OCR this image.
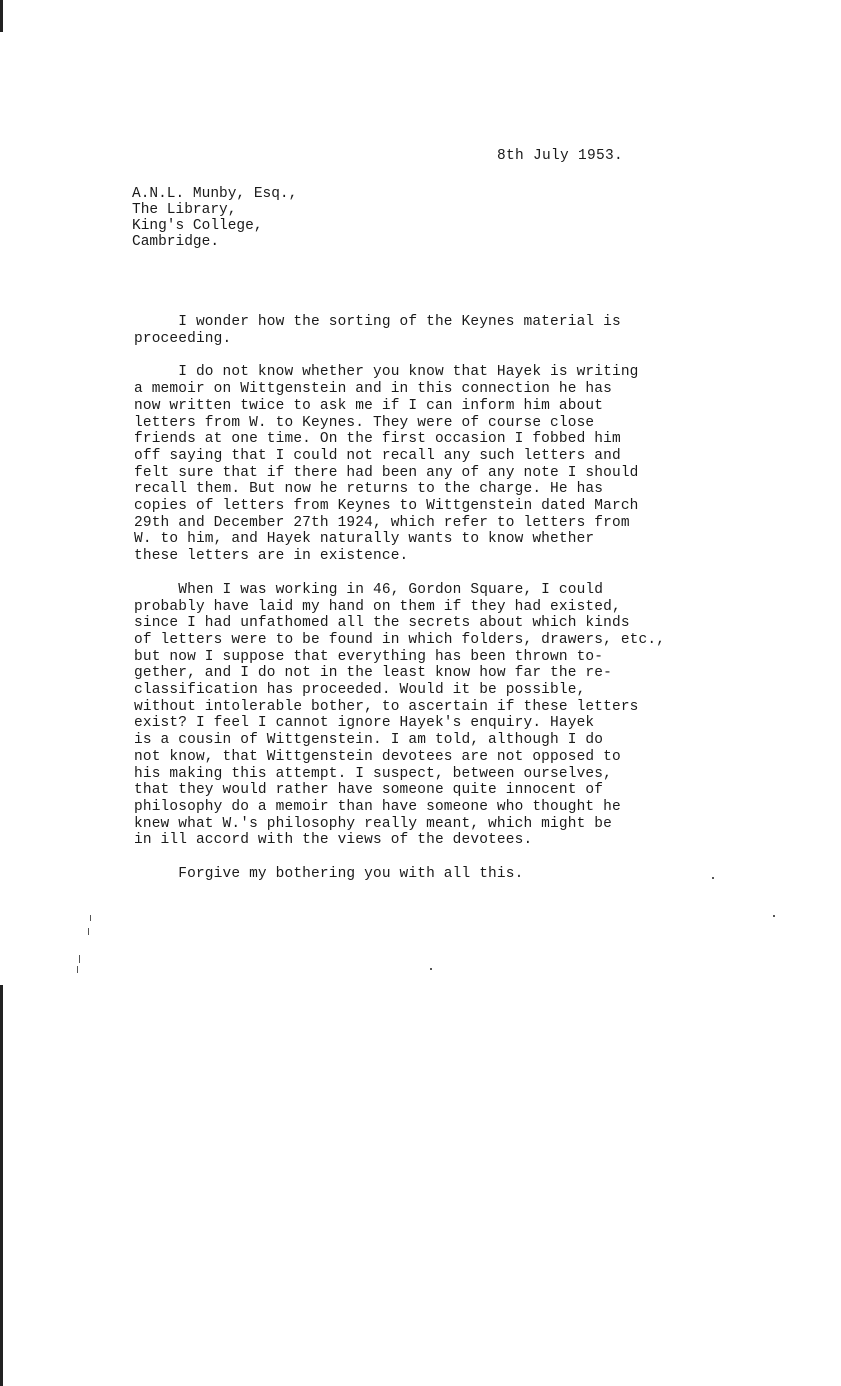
8th July 1953.
A.N.L. Munby, Esq.,
The Library,
King's College,
Cambridge.
I wonder how the sorting of the Keynes material is
proceeding.
I do not know whether you know that Hayek is writing
a memoir on Wittgenstein and in this connection he has
now written twice to ask me if I can inform him about
letters from W. to Keynes. They were of course close
friends at one time. On the first occasion I fobbed him
off saying that I could not recall any such letters and
felt sure that if there had been any of any note I should
recall them. But now he returns to the charge. He has
copies of letters from Keynes to Wittgenstein dated March
29th and December 27th 1924, which refer to letters from
W. to him, and Hayek naturally wants to know whether
these letters are in existence.
When I was working in 46, Gordon Square, I could
probably have laid my hand on them if they had existed,
since I had unfathomed all the secrets about which kinds
of letters were to be found in which folders, drawers, etc.,
but now I suppose that everything has been thrown to-
gether, and I do not in the least know how far the re-
classification has proceeded. Would it be possible,
without intolerable bother, to ascertain if these letters
exist? I feel I cannot ignore Hayek's enquiry. Hayek
is a cousin of Wittgenstein. I am told, although I do
not know, that Wittgenstein devotees are not opposed to
his making this attempt. I suspect, between ourselves,
that they would rather have someone quite innocent of
philosophy do a memoir than have someone who thought he
knew what W.'s philosophy really meant, which might be
in ill accord with the views of the devotees.
Forgive my bothering you with all this.
